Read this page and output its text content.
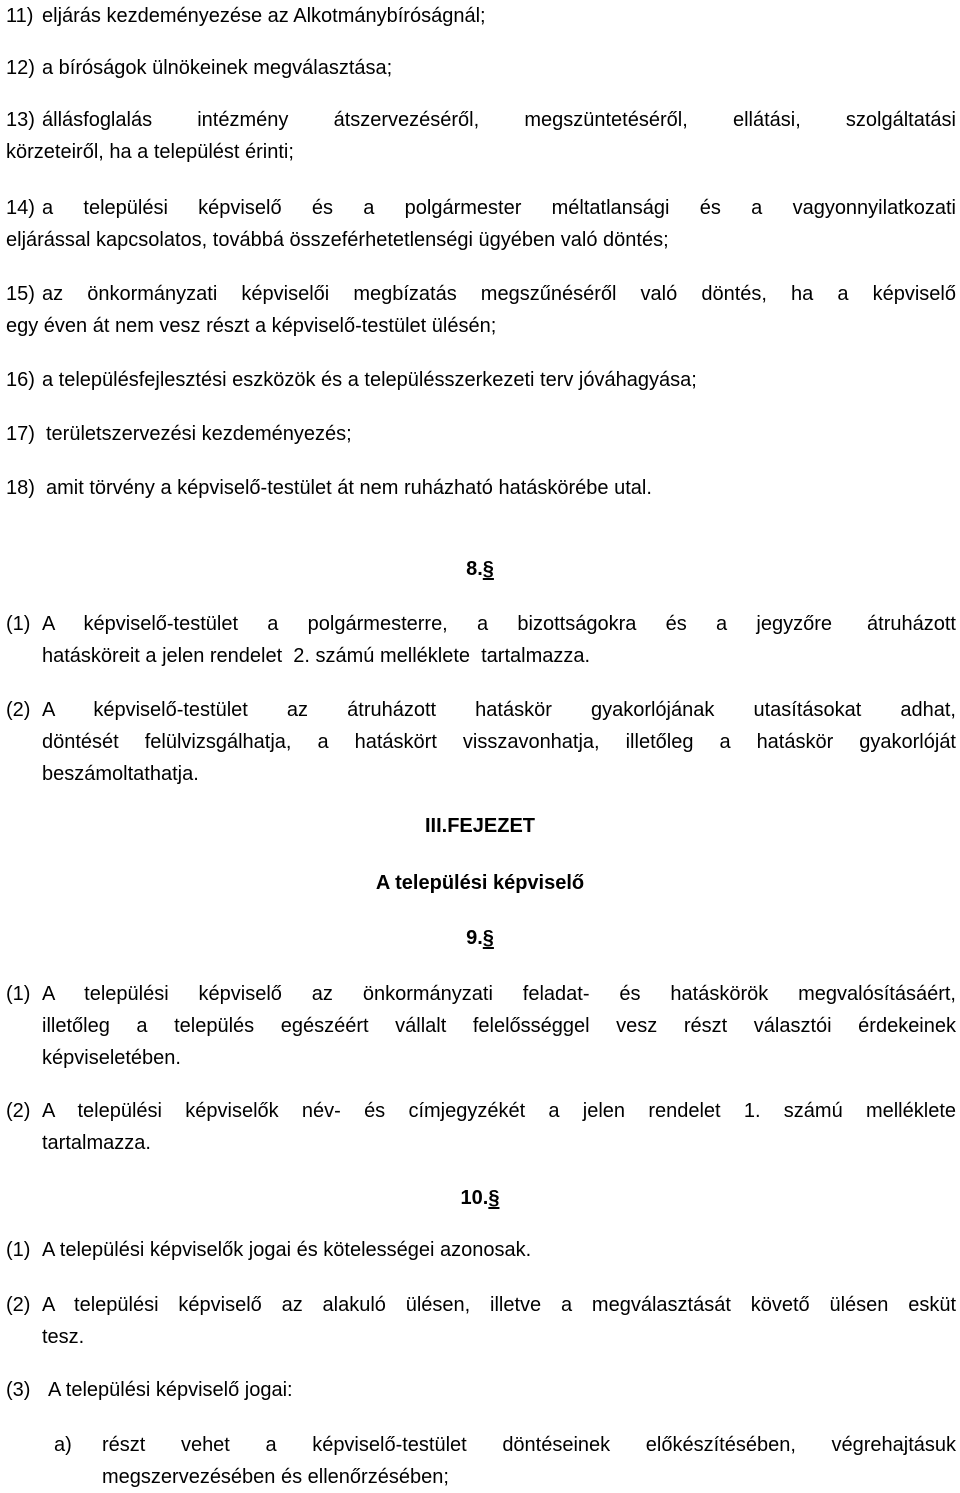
11) eljárás kezdeményezése az Alkotmánybíróságnál;
12) a bíróságok ülnökeinek megválasztása;
13) állásfoglalás intézmény átszervezéséről, megszüntetéséről, ellátási, szolgáltatási
körzeteiről, ha a települést érinti;
14) a települési képviselő és a polgármester méltatlansági és a vagyonnyilatkozati
eljárással kapcsolatos, továbbá összeférhetetlenségi ügyében való döntés;
15) az önkormányzati képviselői megbízatás megszűnéséről való döntés, ha a képviselő
egy éven át nem vesz részt a képviselő-testület ülésén;
16) a településfejlesztési eszközök és a településszerkezeti terv jóváhagyása;
17) területszervezési kezdeményezés;
18) amit törvény a képviselő-testület át nem ruházható hatáskörébe utal.
8.§
(1) A képviselő-testület a polgármesterre, a bizottságokra és a jegyzőre átruházott
hatásköreit a jelen rendelet  2. számú melléklete  tartalmazza.
(2) A képviselő-testület az átruházott hatáskör gyakorlójának utasításokat adhat,
döntését felülvizsgálhatja, a hatáskört visszavonhatja, illetőleg a hatáskör gyakorlóját
beszámoltathatja.
III.FEJEZET
A települési képviselő
9.§
(1) A települési képviselő az önkormányzati feladat- és hatáskörök megvalósításáért,
illetőleg a település egészéért vállalt felelősséggel vesz részt választói érdekeinek
képviseletében.
(2) A települési képviselők név- és címjegyzékét a jelen rendelet 1. számú melléklete
tartalmazza.
10.§
(1) A települési képviselők jogai és kötelességei azonosak.
(2) A települési képviselő az alakuló ülésen, illetve a megválasztását követő ülésen esküt
tesz.
(3) A települési képviselő jogai:
a)	részt vehet a képviselő-testület döntéseinek előkészítésében, végrehajtásuk
megszervezésében és ellenőrzésében;
